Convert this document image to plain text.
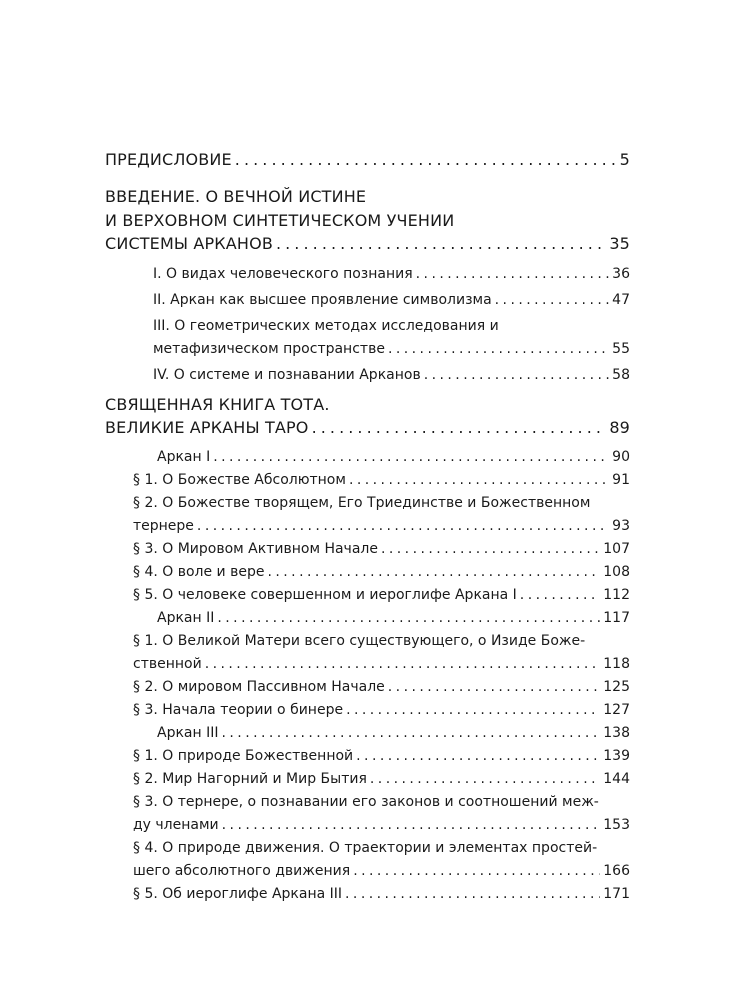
ПРЕДИСЛОВИЕ . . .	5
ВВЕДЕНИЕ. О ВЕЧНОЙ ИСТИНЕ
И ВЕРХОВНОМ СИНТЕТИЧЕСКОМ УЧЕНИИ
СИСТЕМЫ АРКАНОВ . . .	35
I. О видах человеческого познания . . .	36
II. Аркан как высшее проявление символизма . . .	47
III. О геометрических методах исследования и
метафизическом пространстве . . .	55
IV. О системе и познавании Арканов . . .	58
СВЯЩЕННАЯ КНИГА ТОТА.
ВЕЛИКИЕ АРКАНЫ ТАРО . . .	89
Аркан I . . .	90
§ 1. О Божестве Абсолютном . . .	91
§ 2. О Божестве творящем, Его Триединстве и Божественном
тернере . . .	93
§ 3. О Мировом Активном Начале . . .	107
§ 4. О воле и вере . . .	108
§ 5. О человеке совершенном и иероглифе Аркана I . . .	112
Аркан II . . .	117
§ 1. О Великой Матери всего существующего, о Изиде Боже-
ственной . . .	118
§ 2. О мировом Пассивном Начале . . .	125
§ 3. Начала теории о бинере . . .	127
Аркан III . . .	138
§ 1. О природе Божественной . . .	139
§ 2. Мир Нагорний и Мир Бытия . . .	144
§ 3. О тернере, о познавании его законов и соотношений меж-
ду членами . . .	153
§ 4. О природе движения. О траектории и элементах простей-
шего абсолютного движения . . .	166
§ 5. Об иероглифе Аркана III . . .	171
